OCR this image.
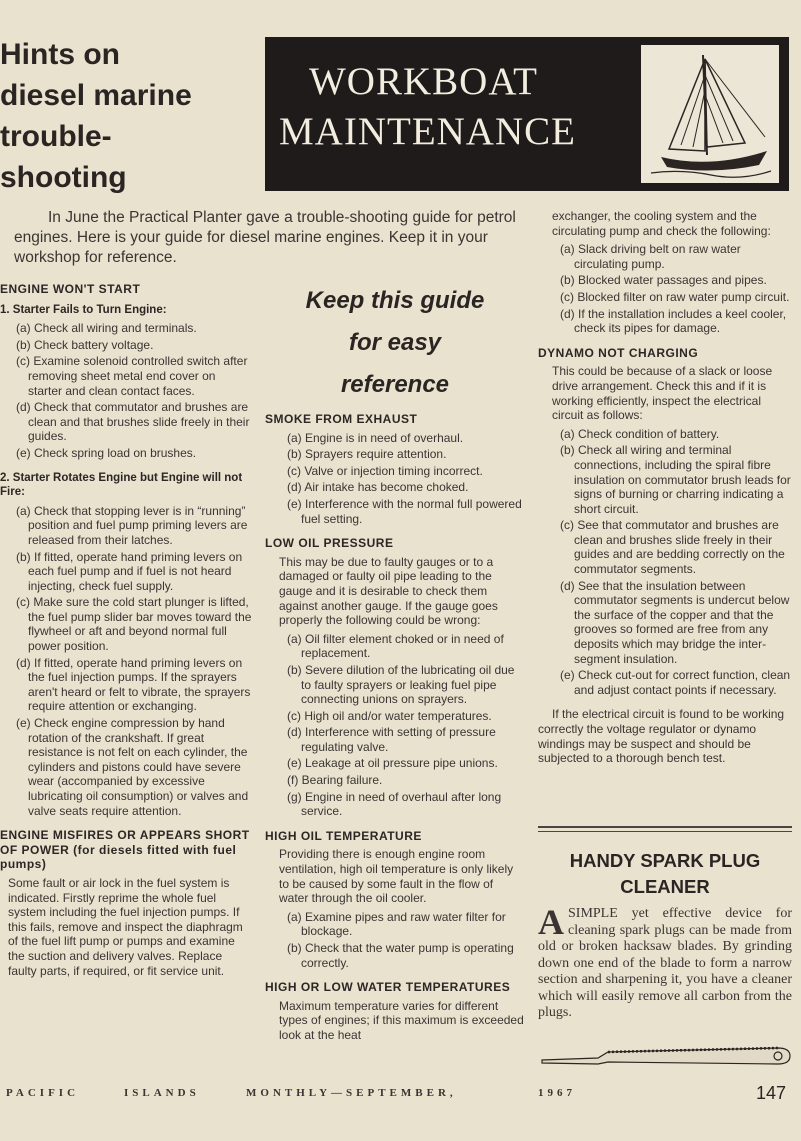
Hints on
diesel marine
trouble-
shooting
WORKBOAT
MAINTENANCE

In June the Practical Planter gave a trouble-shooting guide for petrol engines. Here is your guide for diesel marine engines. Keep it in your workshop for reference.

ENGINE WON'T START
1. Starter Fails to Turn Engine:
(a) Check all wiring and terminals.
(b) Check battery voltage.
(c) Examine solenoid controlled switch after removing sheet metal end cover on starter and clean contact faces.
(d) Check that commutator and brushes are clean and that brushes slide freely in their guides.
(e) Check spring load on brushes.
2. Starter Rotates Engine but Engine will not Fire:
(a) Check that stopping lever is in “running” position and fuel pump priming levers are released from their latches.
(b) If fitted, operate hand priming levers on each fuel pump and if fuel is not heard injecting, check fuel supply.
(c) Make sure the cold start plunger is lifted, the fuel pump slider bar moves toward the flywheel or aft and beyond normal full power position.
(d) If fitted, operate hand priming levers on the fuel injection pumps. If the sprayers aren't heard or felt to vibrate, the sprayers require attention or exchanging.
(e) Check engine compression by hand rotation of the crankshaft. If great resistance is not felt on each cylinder, the cylinders and pistons could have severe wear (accompanied by excessive lubricating oil consumption) or valves and valve seats require attention.
ENGINE MISFIRES OR APPEARS SHORT OF POWER (for diesels fitted with fuel pumps)

Some fault or air lock in the fuel system is indicated. Firstly reprime the whole fuel system including the fuel injection pumps. If this fails, remove and inspect the diaphragm of the fuel lift pump or pumps and examine the suction and delivery valves. Replace faulty parts, if required, or fit service unit.

Keep this guide
for easy
reference

SMOKE FROM EXHAUST
(a) Engine is in need of overhaul.
(b) Sprayers require attention.
(c) Valve or injection timing incorrect.
(d) Air intake has become choked.
(e) Interference with the normal full powered fuel setting.
LOW OIL PRESSURE

This may be due to faulty gauges or to a damaged or faulty oil pipe leading to the gauge and it is desirable to check them against another gauge. If the gauge goes properly the following could be wrong:

(a) Oil filter element choked or in need of replacement.
(b) Severe dilution of the lubricating oil due to faulty sprayers or leaking fuel pipe connecting unions on sprayers.
(c) High oil and/or water temperatures.
(d) Interference with setting of pressure regulating valve.
(e) Leakage at oil pressure pipe unions.
(f) Bearing failure.
(g) Engine in need of overhaul after long service.
HIGH OIL TEMPERATURE

Providing there is enough engine room ventilation, high oil temperature is only likely to be caused by some fault in the flow of water through the oil cooler.

(a) Examine pipes and raw water filter for blockage.
(b) Check that the water pump is operating correctly.
HIGH OR LOW WATER TEMPERATURES

Maximum temperature varies for different types of engines; if this maximum is exceeded look at the heat

exchanger, the cooling system and the circulating pump and check the following:

(a) Slack driving belt on raw water circulating pump.
(b) Blocked water passages and pipes.
(c) Blocked filter on raw water pump circuit.
(d) If the installation includes a keel cooler, check its pipes for damage.
DYNAMO NOT CHARGING

This could be because of a slack or loose drive arrangement. Check this and if it is working efficiently, inspect the electrical circuit as follows:

(a) Check condition of battery.
(b) Check all wiring and terminal connections, including the spiral fibre insulation on commutator brush leads for signs of burning or charring indicating a short circuit.
(c) See that commutator and brushes are clean and brushes slide freely in their guides and are bedding correctly on the commutator segments.
(d) See that the insulation between commutator segments is undercut below the surface of the copper and that the grooves so formed are free from any deposits which may bridge the inter-segment insulation.
(e) Check cut-out for correct function, clean and adjust contact points if necessary.

If the electrical circuit is found to be working correctly the voltage regulator or dynamo windings may be suspect and should be subjected to a thorough bench test.

HANDY SPARK PLUG
CLEANER

ASIMPLE yet effective device for cleaning spark plugs can be made from old or broken hacksaw blades. By grinding down one end of the blade to form a narrow section and sharpening it, you have a cleaner which will easily remove all carbon from the plugs.

PACIFIC	ISLANDS	MONTHLY—SEPTEMBER,	1967	147
